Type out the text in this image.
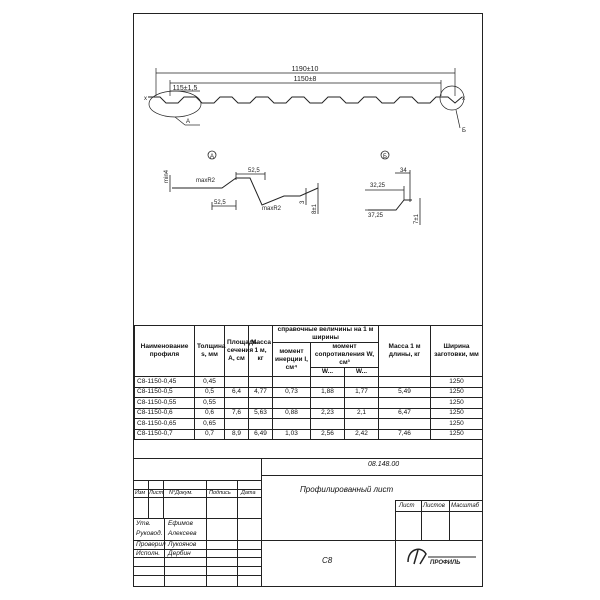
x	x
1190±10
1150±8
115±1,5
A
Б
A
min4	maxR2
52,5
52,5
maxR2
3
8±1
Б
34
32,25
37,25	7±1
Наименование профиля	Толщина s, мм	Площадь сечения A, см	Масса 1 м, кг	справочные величины на 1 м ширины			Масса 1 м длины, кг	Ширина заготовки, мм
				момент инерции I, см⁴	момент сопротивления W, см³			
					W...	W...		
С8-1150-0,45	0,45							1250
С8-1150-0,5	0,5	6,4	4,77	0,73	1,88	1,77	5,49	1250
С8-1150-0,55	0,55							1250
С8-1150-0,6	0,6	7,6	5,63	0,88	2,23	2,1	6,47	1250
С8-1150-0,65	0,65							1250
С8-1150-0,7	0,7	8,9	6,49	1,03	2,56	2,42	7,46	1250
08.148.00
Профилированный лист
С8
Изм Лист N°Докум.	Подпись Дата
Лист Листов Масштаб
Утв.	Ефимов
Руковод. Алексеев
Проверил Лукоянов
Исполн. Дербин
ПРОФИЛЬ
